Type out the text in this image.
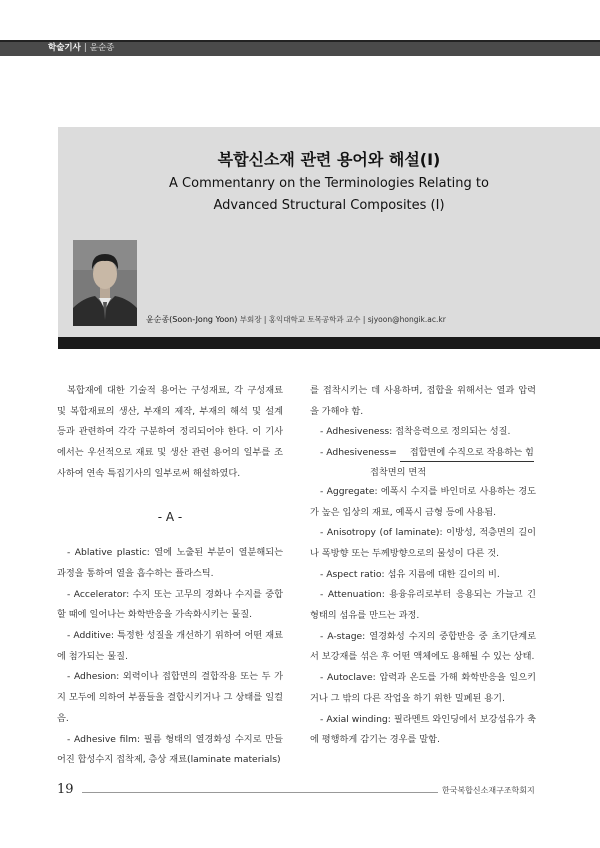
학술기사 | 윤순종
복합신소재 관련 용어와 해설(Ⅰ)
A Commentanry on the Terminologies Relating to
Advanced Structural Composites (Ⅰ)
윤순종(Soon-Jong Yoon) 부회장 | 홍익대학교 토목공학과 교수 | sjyoon@hongik.ac.kr

복합재에 대한 기술적 용어는 구성재료, 각 구성재료 및 복합재료의 생산, 부재의 제작, 부재의 해석 및 설계 등과 관련하여 각각 구분하여 정리되어야 한다. 이 기사에서는 우선적으로 재료 및 생산 관련 용어의 일부를 조사하여 연속 특집기사의 일부로써 해설하였다.

- A -

- Ablative plastic: 열에 노출된 부분이 열분해되는 과정을 통하여 열을 흡수하는 플라스틱.

- Accelerator: 수지 또는 고무의 경화나 수지를 중합할 때에 일어나는 화학반응을 가속화시키는 물질.

- Additive: 특정한 성질을 개선하기 위하여 어떤 재료에 첨가되는 물질.

- Adhesion: 외력이나 접합면의 결합작용 또는 두 가지 모두에 의하여 부품들을 결합시키거나 그 상태를 일컬음.

- Adhesive film: 필름 형태의 열경화성 수지로 만들어진 합성수지 접착제, 층상 재료(laminate materials)

를 접착시키는 데 사용하며, 접합을 위해서는 열과 압력을 가해야 함.

- Adhesiveness: 접착응력으로 정의되는 성질.

- Adhesiveness= 접합면에 수직으로 작용하는 힘

접착면의 면적

- Aggregate: 에폭시 수지를 바인더로 사용하는 경도가 높은 입상의 재료, 예폭시 금형 등에 사용됨.

- Anisotropy (of laminate): 이방성, 적층면의 길이나 폭방향 또는 두께방향으로의 물성이 다른 것.

- Aspect ratio: 섬유 지름에 대한 길이의 비.

- Attenuation: 용융유리로부터 응용되는 가늘고 긴 형태의 섬유를 만드는 과정.

- A-stage: 열경화성 수지의 중합반응 중 초기단계로서 보강재를 섞은 후 어떤 액체에도 용해될 수 있는 상태.

- Autoclave: 압력과 온도를 가해 화학반응을 일으키거나 그 밖의 다른 작업을 하기 위한 밀폐된 용기.

- Axial winding: 필라멘트 와인딩에서 보강섬유가 축에 평행하게 감기는 경우를 말함.

19	한국복합신소재구조학회지
